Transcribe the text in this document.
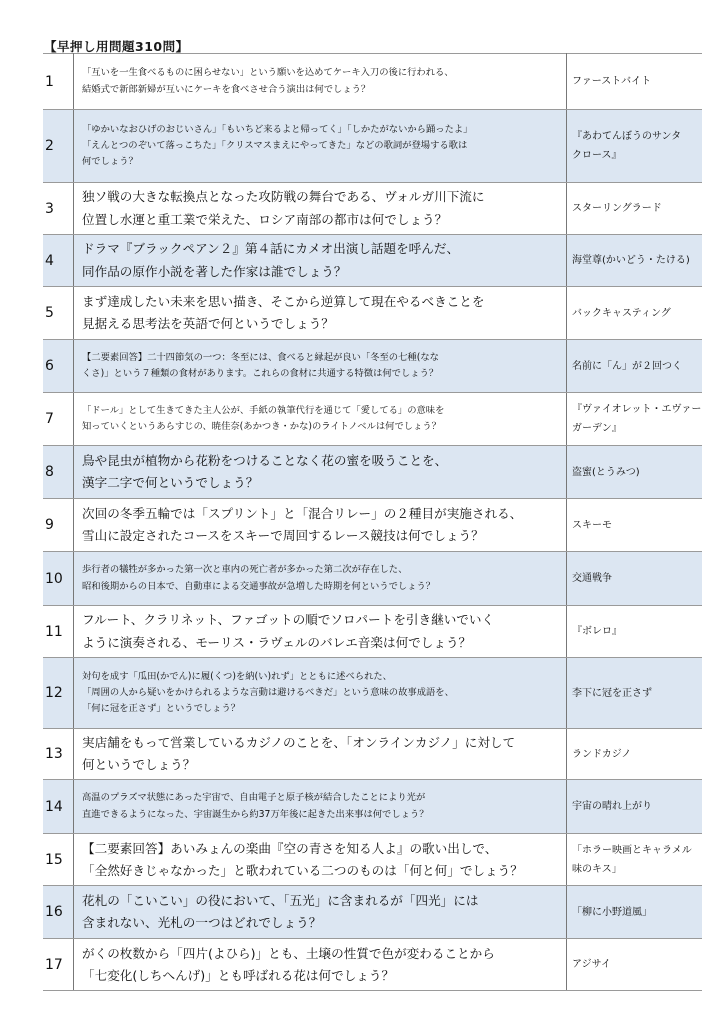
【早押し用問題310問】
1	「互いを一生食べるものに困らせない」という願いを込めてケーキ入刀の後に行われる、
結婚式で新郎新婦が互いにケーキを食べさせ合う演出は何でしょう？	ファーストバイト

2	「ゆかいなおひげのおじいさん」「もいちど来るよと帰ってく」「しかたがないから踊ったよ」
「えんとつのぞいて落っこちた」「クリスマスまえにやってきた」などの歌詞が登場する歌は
何でしょう？	『あわてんぼうのサンタ
クロース』

3	独ソ戦の大きな転換点となった攻防戦の舞台である、ヴォルガ川下流に
位置し水運と重工業で栄えた、ロシア南部の都市は何でしょう？	スターリングラード

4	ドラマ『ブラックペアン２』第４話にカメオ出演し話題を呼んだ、
同作品の原作小説を著した作家は誰でしょう？	海堂尊(かいどう・たける)

5	まず達成したい未来を思い描き、そこから逆算して現在やるべきことを
見据える思考法を英語で何というでしょう？	バックキャスティング

6	【二要素回答】二十四節気の一つ：冬至には、食べると縁起が良い「冬至の七種(なな
くさ)」という７種類の食材があります。これらの食材に共通する特徴は何でしょう？	名前に「ん」が２回つく

7	「ドール」として生きてきた主人公が、手紙の執筆代行を通じて「愛してる」の意味を
知っていくというあらすじの、暁佳奈(あかつき・かな)のライトノベルは何でしょう？	『ヴァイオレット・エヴァー
ガーデン』

8	鳥や昆虫が植物から花粉をつけることなく花の蜜を吸うことを、
漢字二字で何というでしょう？	盗蜜(とうみつ)

9	次回の冬季五輪では「スプリント」と「混合リレー」の２種目が実施される、
雪山に設定されたコースをスキーで周回するレース競技は何でしょう？	スキーモ

10	歩行者の犠牲が多かった第一次と車内の死亡者が多かった第二次が存在した、
昭和後期からの日本で、自動車による交通事故が急増した時期を何というでしょう？	交通戦争

11	フルート、クラリネット、ファゴットの順でソロパートを引き継いでいく
ように演奏される、モーリス・ラヴェルのバレエ音楽は何でしょう？	『ボレロ』

12	対句を成す「瓜田(かでん)に履(くつ)を納(い)れず」とともに述べられた、
「周囲の人から疑いをかけられるような言動は避けるべきだ」という意味の故事成語を、
「何に冠を正さず」というでしょう？	李下に冠を正さず

13	実店舗をもって営業しているカジノのことを、「オンラインカジノ」に対して
何というでしょう？	ランドカジノ

14	高温のプラズマ状態にあった宇宙で、自由電子と原子核が結合したことにより光が
直進できるようになった、宇宙誕生から約37万年後に起きた出来事は何でしょう？	宇宙の晴れ上がり

15	【二要素回答】あいみょんの楽曲『空の青さを知る人よ』の歌い出しで、
「全然好きじゃなかった」と歌われている二つのものは「何と何」でしょう？	「ホラー映画とキャラメル
味のキス」

16	花札の「こいこい」の役において、「五光」に含まれるが「四光」には
含まれない、光札の一つはどれでしょう？	「柳に小野道風」

17	がくの枚数から「四片(よひら)」とも、土壌の性質で色が変わることから
「七変化(しちへんげ)」とも呼ばれる花は何でしょう？	アジサイ
